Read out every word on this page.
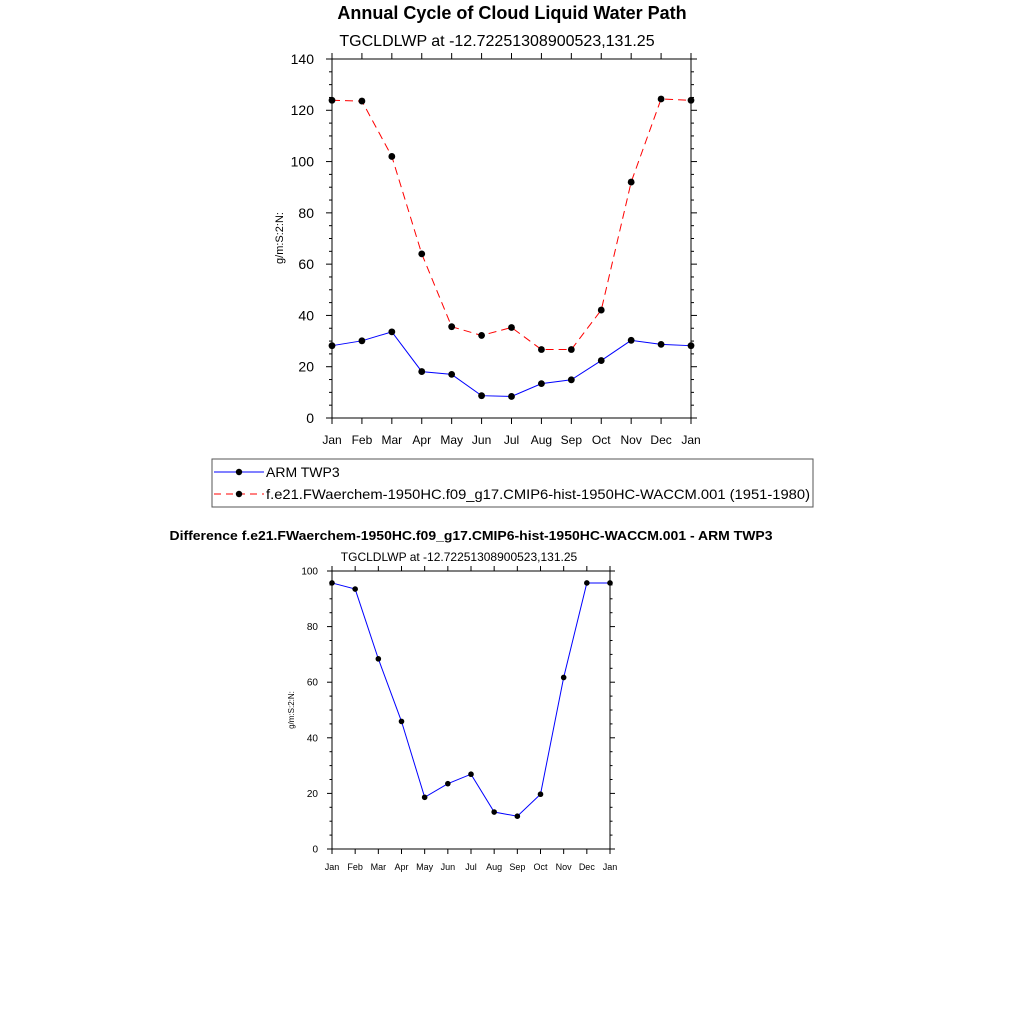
Annual Cycle of Cloud Liquid Water Path
TGCLDLWP at -12.72251308900523,131.25
g/m:S:2:N:
Jan Feb Mar Apr May Jun Jul Aug Sep Oct Nov Dec Jan
0
20
40
60
80
100
120
140
ARM TWP3
f.e21.FWaerchem-1950HC.f09_g17.CMIP6-hist-1950HC-WACCM.001 (1951-1980)
Difference f.e21.FWaerchem-1950HC.f09_g17.CMIP6-hist-1950HC-WACCM.001 - ARM TWP3
TGCLDLWP at -12.72251308900523,131.25
g/m:S:2:N:
Jan Feb Mar Apr May Jun Jul Aug Sep Oct Nov Dec Jan
0
20
40
60
80
100
